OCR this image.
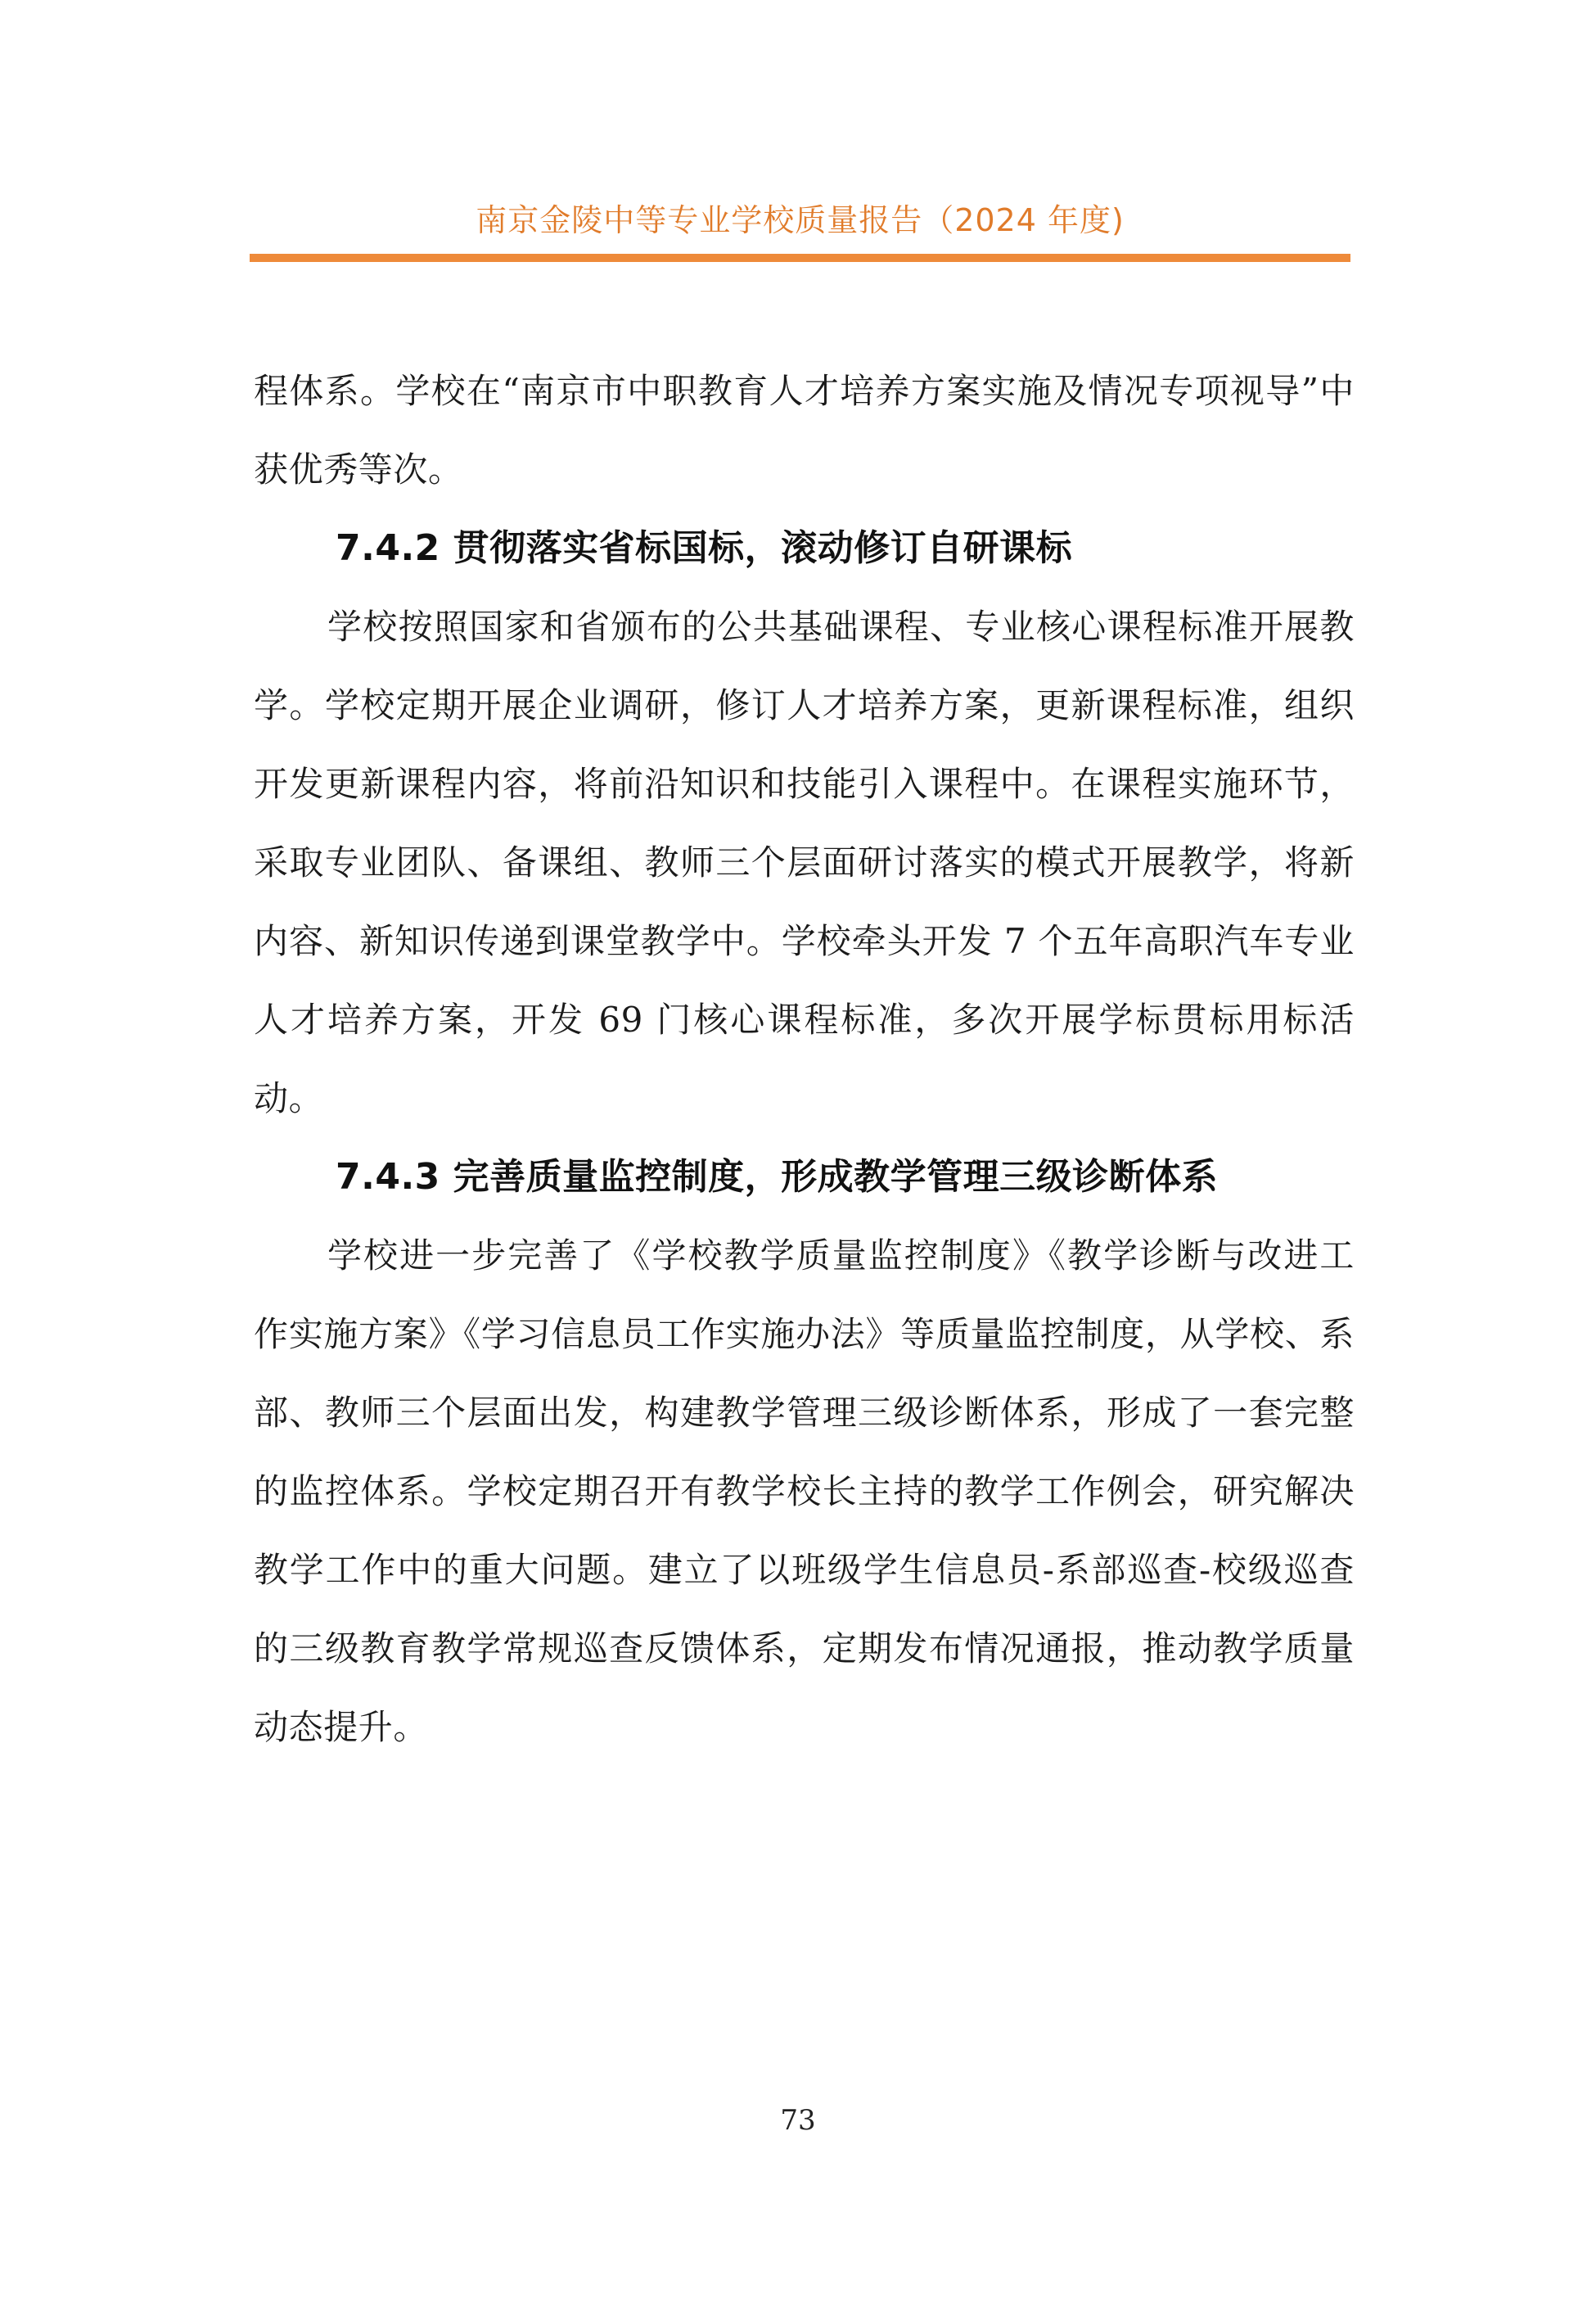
南京金陵中等专业学校质量报告（2024 年度)

程体系。学校在“南京市中职教育人才培养方案实施及情况专项视导”中获优秀等次。

7.4.2 贯彻落实省标国标，滚动修订自研课标

学校按照国家和省颁布的公共基础课程、专业核心课程标准开展教学。学校定期开展企业调研，修订人才培养方案，更新课程标准，组织开发更新课程内容，将前沿知识和技能引入课程中。在课程实施环节，采取专业团队、备课组、教师三个层面研讨落实的模式开展教学，将新内容、新知识传递到课堂教学中。学校牵头开发 7 个五年高职汽车专业人才培养方案，开发 69 门核心课程标准，多次开展学标贯标用标活动。

7.4.3 完善质量监控制度，形成教学管理三级诊断体系

学校进一步完善了《学校教学质量监控制度》《教学诊断与改进工作实施方案》《学习信息员工作实施办法》等质量监控制度，从学校、系部、教师三个层面出发，构建教学管理三级诊断体系，形成了一套完整的监控体系。学校定期召开有教学校长主持的教学工作例会，研究解决教学工作中的重大问题。建立了以班级学生信息员-系部巡查-校级巡查的三级教育教学常规巡查反馈体系，定期发布情况通报，推动教学质量动态提升。

73
